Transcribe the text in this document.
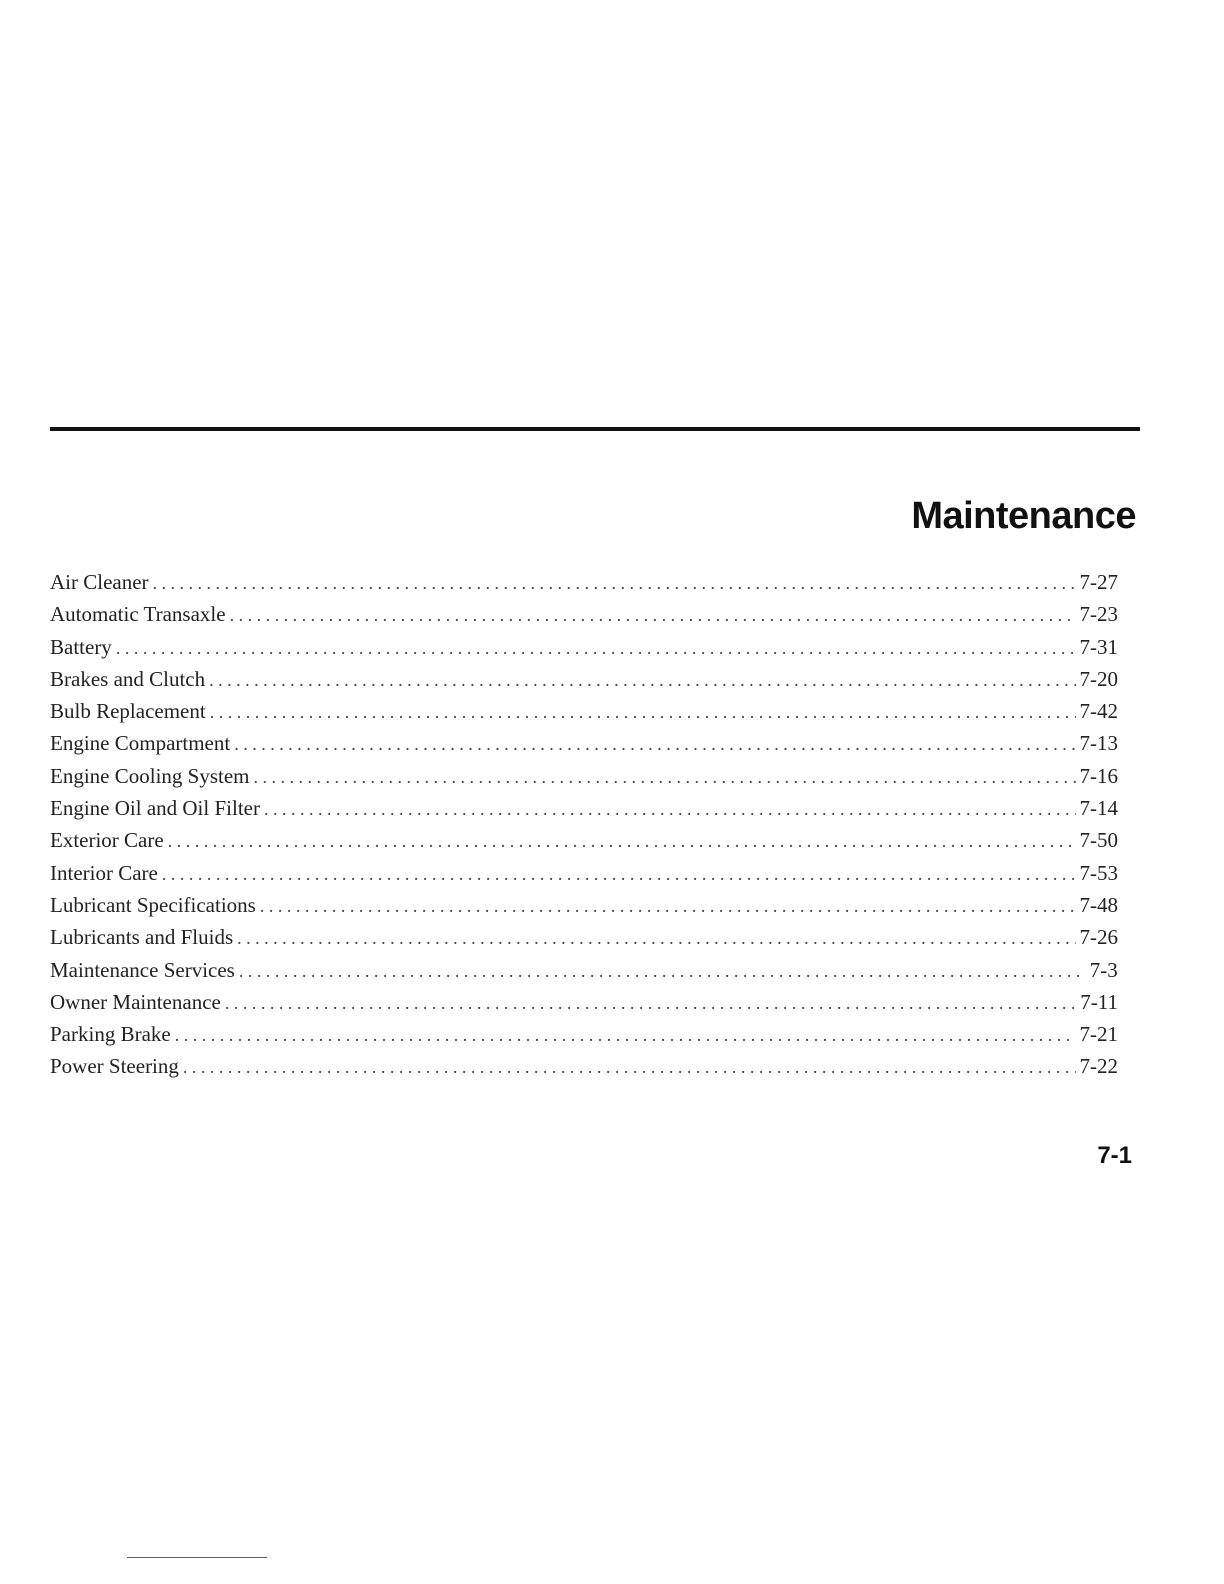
Maintenance
Air Cleaner . . .	7-27
Automatic Transaxle . . .	7-23
Battery . . .	7-31
Brakes and Clutch . . .	7-20
Bulb Replacement . . .	7-42
Engine Compartment . . .	7-13
Engine Cooling System . . .	7-16
Engine Oil and Oil Filter . . .	7-14
Exterior Care . . .	7-50
Interior Care . . .	7-53
Lubricant Specifications . . .	7-48
Lubricants and Fluids . . .	7-26
Maintenance Services . . .	7-3
Owner Maintenance . . .	7-11
Parking Brake . . .	7-21
Power Steering . . .	7-22
7-1
